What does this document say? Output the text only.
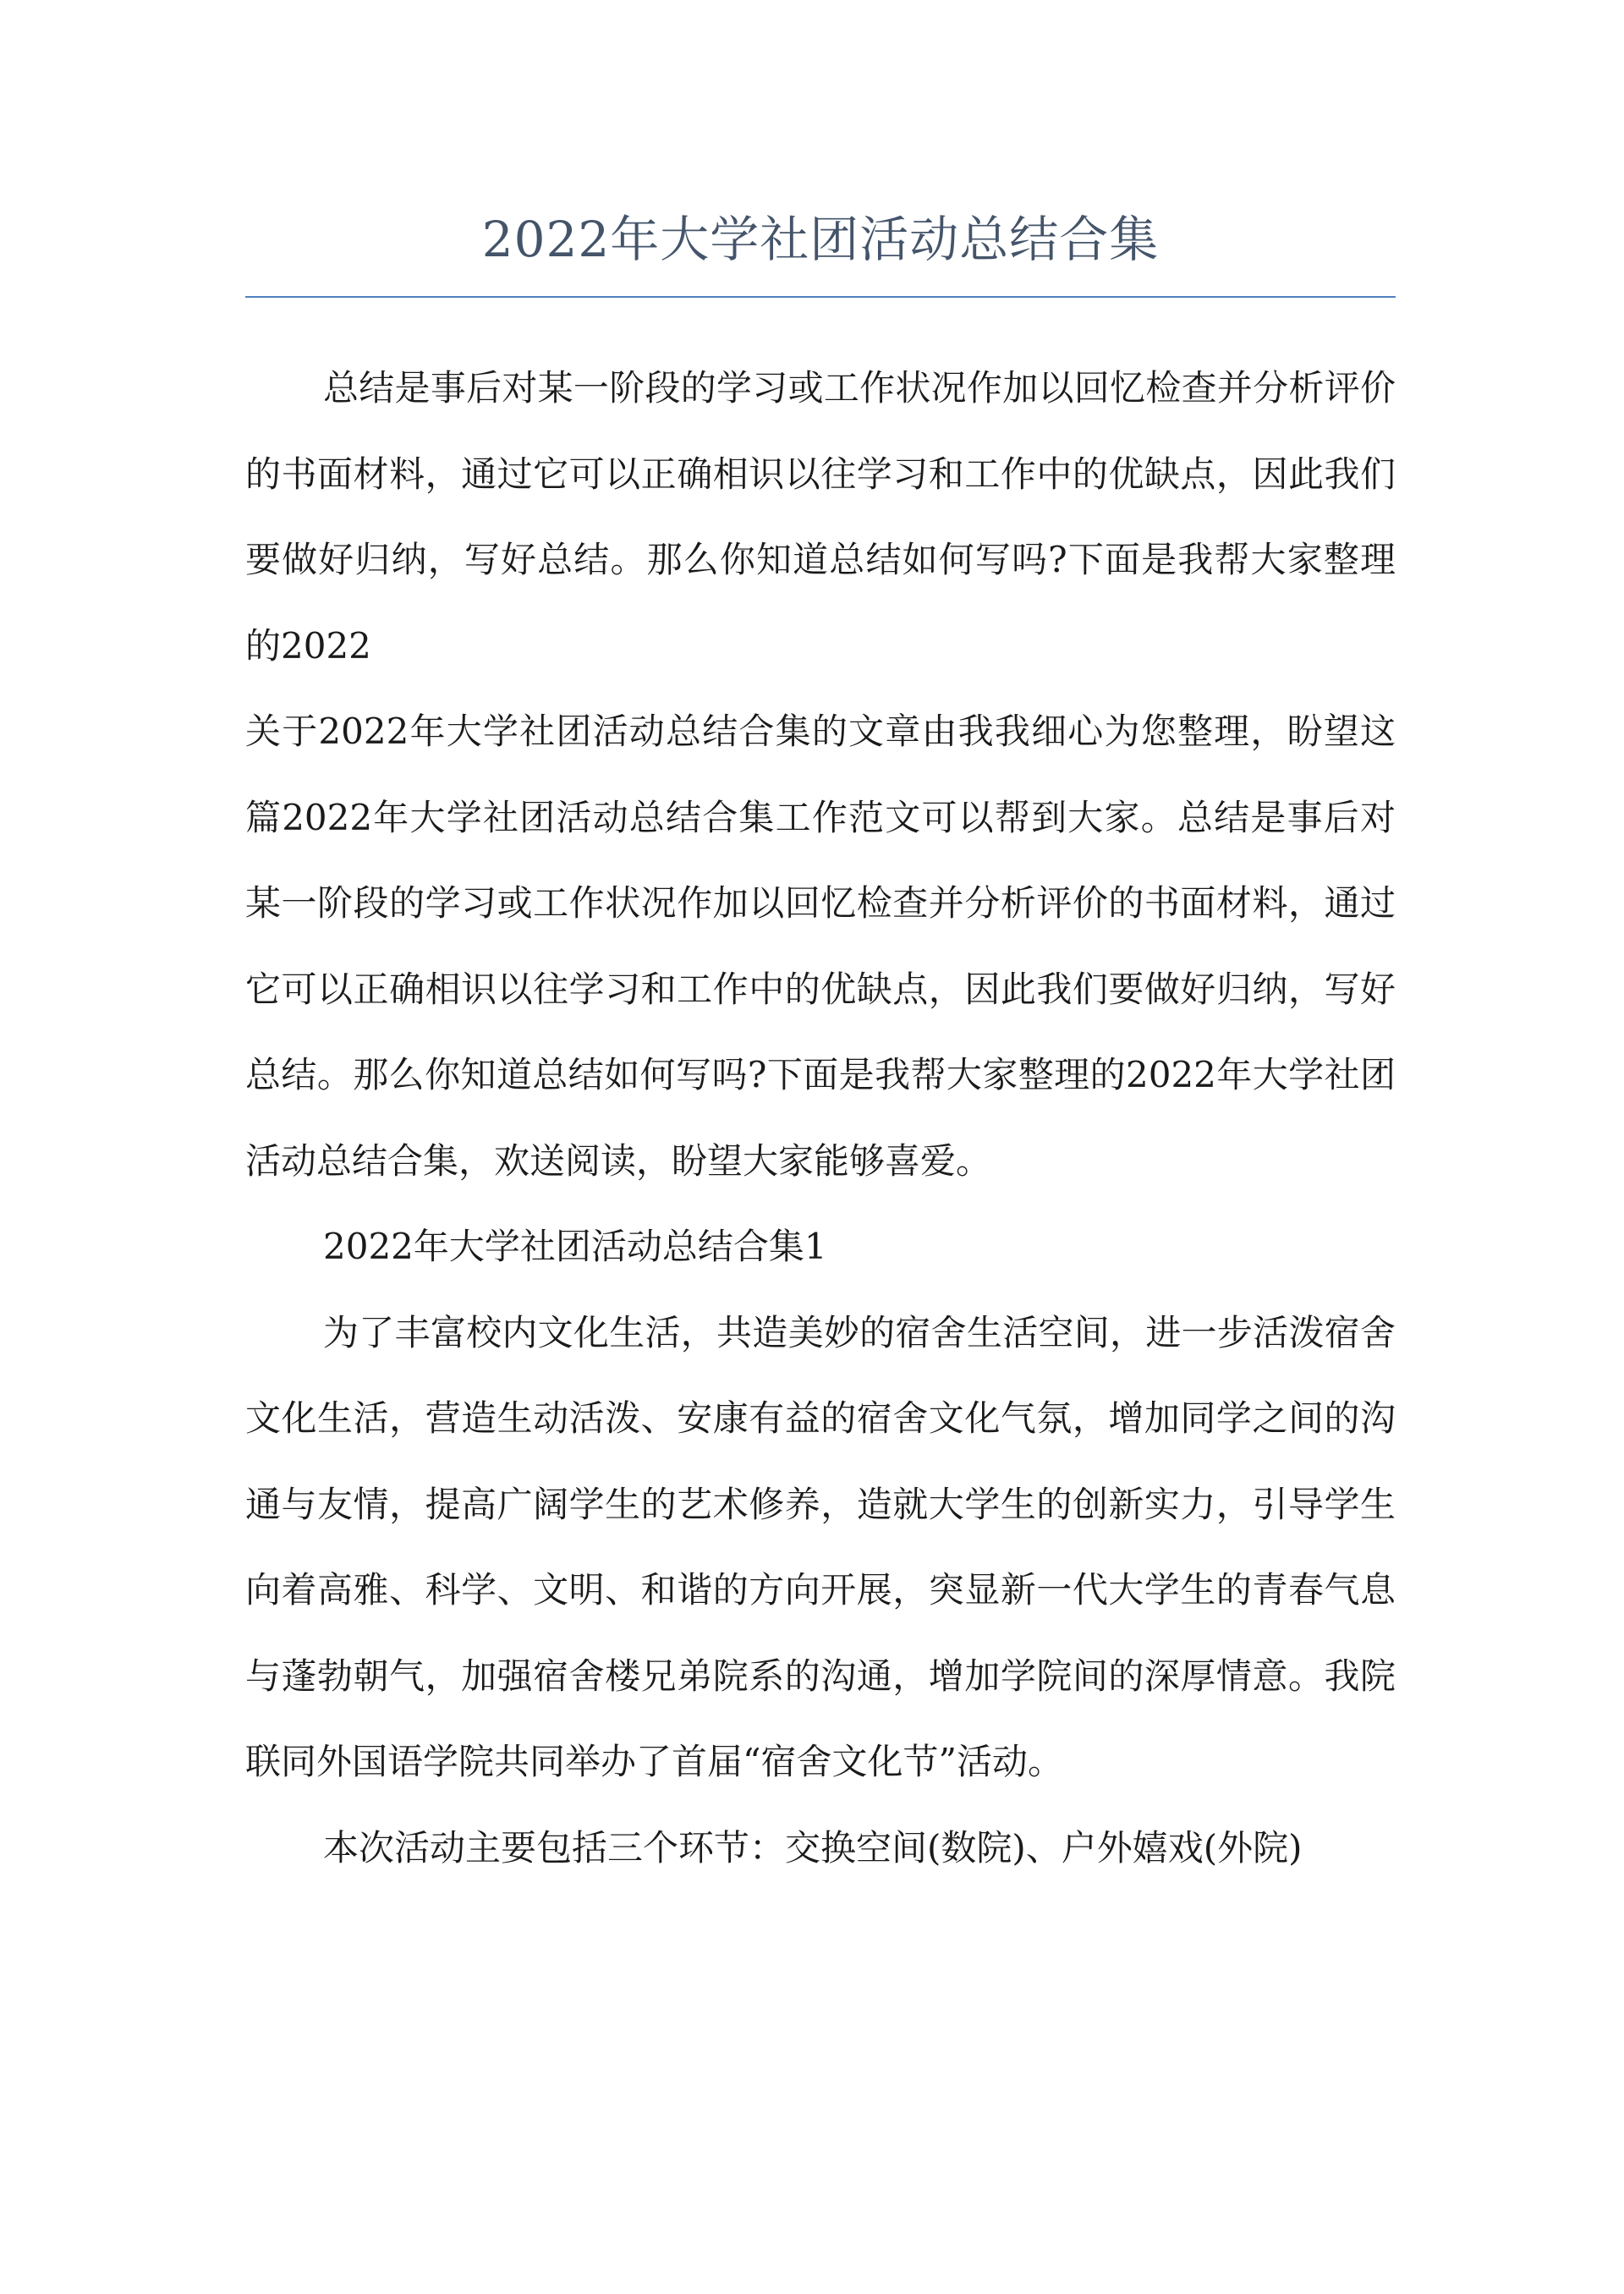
2022年大学社团活动总结合集

总结是事后对某一阶段的学习或工作状况作加以回忆检查并分析评价的书面材料，通过它可以正确相识以往学习和工作中的优缺点，因此我们要做好归纳，写好总结。那么你知道总结如何写吗?下面是我帮大家整理的2022

关于2022年大学社团活动总结合集的文章由我我细心为您整理，盼望这篇2022年大学社团活动总结合集工作范文可以帮到大家。总结是事后对某一阶段的学习或工作状况作加以回忆检查并分析评价的书面材料，通过它可以正确相识以往学习和工作中的优缺点，因此我们要做好归纳，写好总结。那么你知道总结如何写吗?下面是我帮大家整理的2022年大学社团活动总结合集，欢送阅读，盼望大家能够喜爱。

2022年大学社团活动总结合集1

为了丰富校内文化生活，共造美妙的宿舍生活空间，进一步活泼宿舍文化生活，营造生动活泼、安康有益的宿舍文化气氛，增加同学之间的沟通与友情，提高广阔学生的艺术修养，造就大学生的创新实力，引导学生向着高雅、科学、文明、和谐的方向开展，突显新一代大学生的青春气息与蓬勃朝气，加强宿舍楼兄弟院系的沟通，增加学院间的深厚情意。我院联同外国语学院共同举办了首届“宿舍文化节”活动。

本次活动主要包括三个环节：交换空间(数院)、户外嬉戏(外院)
